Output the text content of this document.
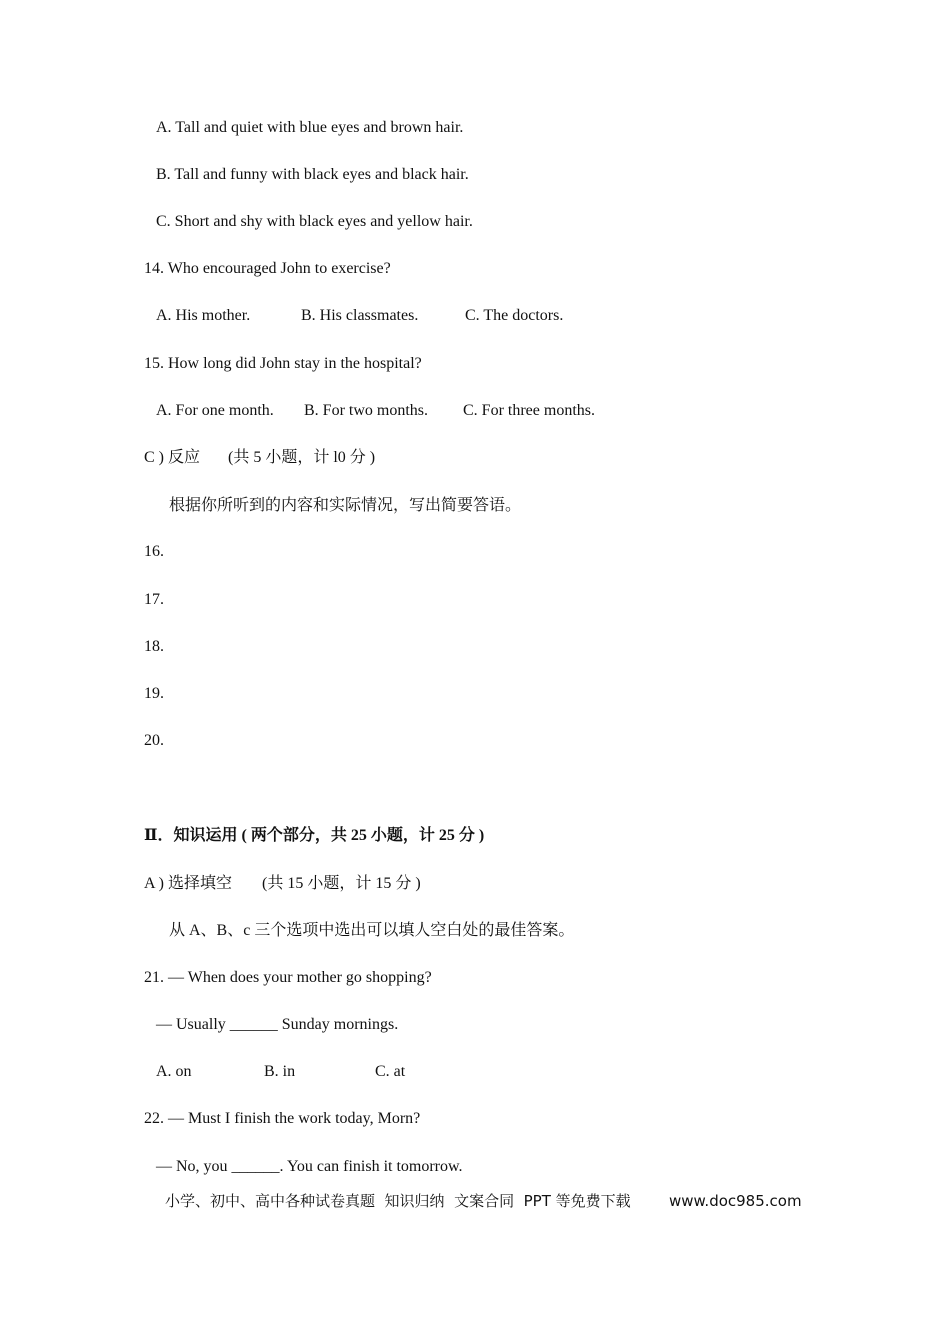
A. Tall and quiet with blue eyes and brown hair.
B. Tall and funny with black eyes and black hair.
C. Short and shy with black eyes and yellow hair.
14. Who encouraged John to exercise?
A. His mother.	B. His classmates.	C. The doctors.
15. How long did John stay in the hospital?
A. For one month. B. For two months. C. For three months.
C ) 反应 (共 5 小题，计 l0 分 )
根据你所听到的内容和实际情况，写出简要答语。
16.
17.
18.
19.
20.
Ⅱ．知识运用 ( 两个部分，共 25 小题，计 25 分 )
A ) 选择填空 (共 15 小题，计 15 分 )
从 A、B、c 三个选项中选出可以填人空白处的最佳答案。
21. — When does your mother go shopping?
— Usually ______ Sunday mornings.
A. on	B. in	C. at
22. — Must I finish the work today, Morn?
— No, you ______. You can finish it tomorrow.
小学、初中、高中各种试卷真题  知识归纳  文案合同  PPT 等免费下载	www.doc985.com
